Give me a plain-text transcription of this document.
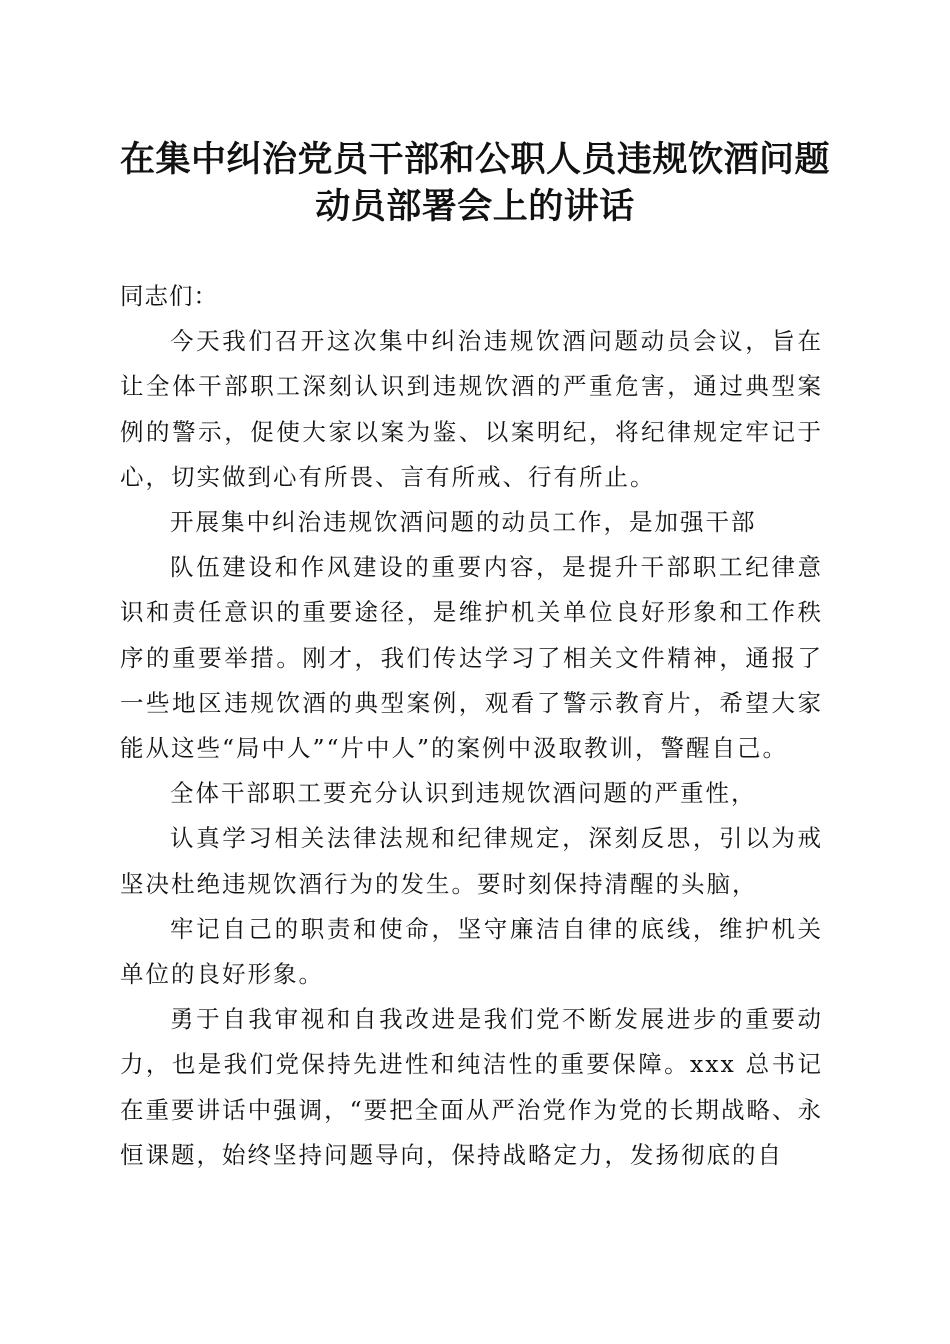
在集中纠治党员干部和公职人员违规饮酒问题
动员部署会上的讲话

同志们：

今天我们召开这次集中纠治违规饮酒问题动员会议，旨在让全体干部职工深刻认识到违规饮酒的严重危害，通过典型案例的警示，促使大家以案为鉴、以案明纪，将纪律规定牢记于心，切实做到心有所畏、言有所戒、行有所止。

开展集中纠治违规饮酒问题的动员工作，是加强干部

队伍建设和作风建设的重要内容，是提升干部职工纪律意识和责任意识的重要途径，是维护机关单位良好形象和工作秩序的重要举措。刚才，我们传达学习了相关文件精神，通报了一些地区违规饮酒的典型案例，观看了警示教育片，希望大家能从这些“局中人”“片中人”的案例中汲取教训，警醒自己。

全体干部职工要充分认识到违规饮酒问题的严重性，

认真学习相关法律法规和纪律规定，深刻反思，引以为戒坚决杜绝违规饮酒行为的发生。要时刻保持清醒的头脑，

牢记自己的职责和使命，坚守廉洁自律的底线，维护机关单位的良好形象。

勇于自我审视和自我改进是我们党不断发展进步的重要动力，也是我们党保持先进性和纯洁性的重要保障。xxx 总书记在重要讲话中强调，“要把全面从严治党作为党的长期战略、永恒课题，始终坚持问题导向，保持战略定力，发扬彻底的自
